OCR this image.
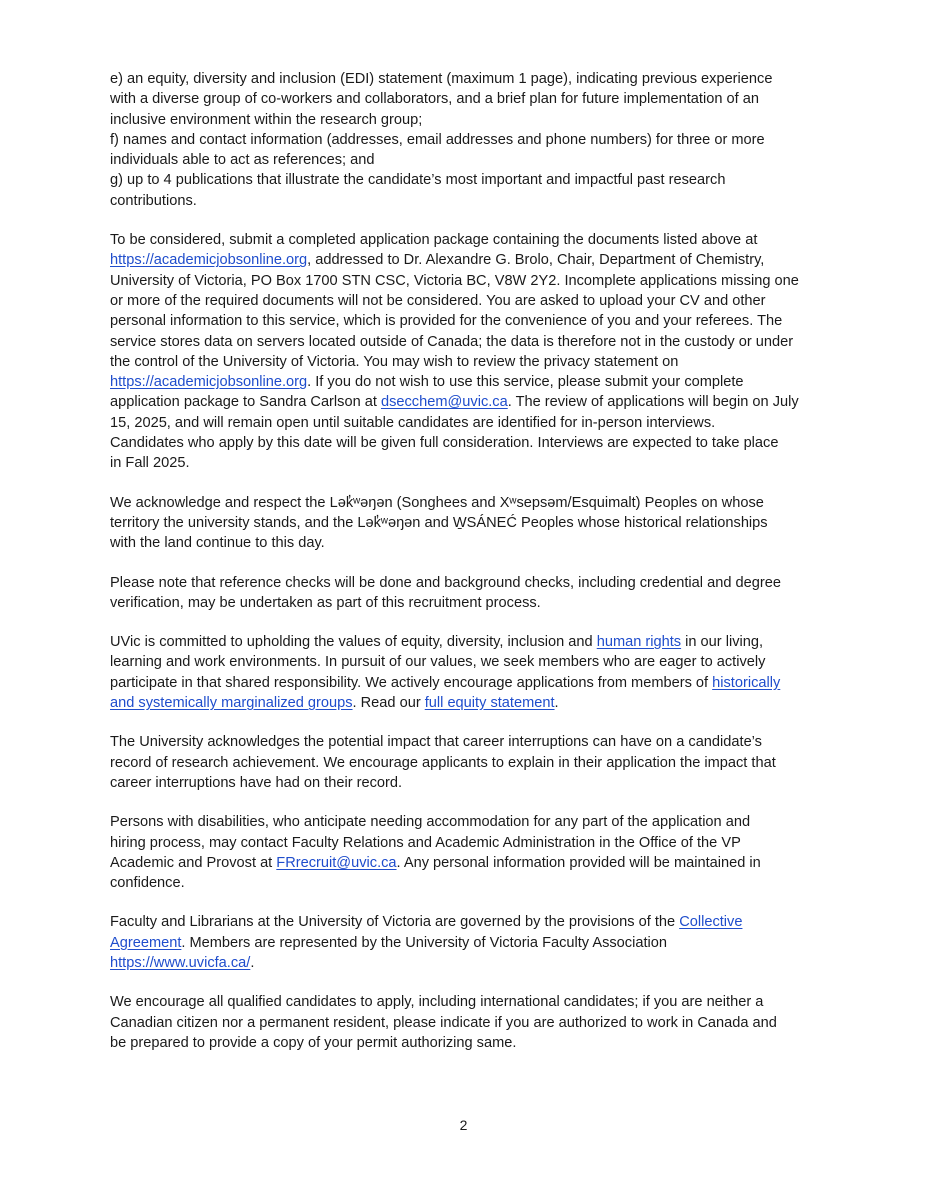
e) an equity, diversity and inclusion (EDI) statement (maximum 1 page), indicating previous experience
with a diverse group of co-workers and collaborators, and a brief plan for future implementation of an
inclusive environment within the research group;
f) names and contact information (addresses, email addresses and phone numbers) for three or more
individuals able to act as references; and
g) up to 4 publications that illustrate the candidate’s most important and impactful past research
contributions.

To be considered, submit a completed application package containing the documents listed above at
https://academicjobsonline.org, addressed to Dr. Alexandre G. Brolo, Chair, Department of Chemistry,
University of Victoria, PO Box 1700 STN CSC, Victoria BC, V8W 2Y2. Incomplete applications missing one
or more of the required documents will not be considered. You are asked to upload your CV and other
personal information to this service, which is provided for the convenience of you and your referees. The
service stores data on servers located outside of Canada; the data is therefore not in the custody or under
the control of the University of Victoria. You may wish to review the privacy statement on
https://academicjobsonline.org. If you do not wish to use this service, please submit your complete
application package to Sandra Carlson at dsecchem@uvic.ca. The review of applications will begin on July
15, 2025, and will remain open until suitable candidates are identified for in-person interviews.
Candidates who apply by this date will be given full consideration. Interviews are expected to take place
in Fall 2025.

We acknowledge and respect the Lək̓ʷəŋən (Songhees and Xʷsepsəm/Esquimalt) Peoples on whose
territory the university stands, and the Lək̓ʷəŋən and W̱SÁNEĆ Peoples whose historical relationships
with the land continue to this day.

Please note that reference checks will be done and background checks, including credential and degree
verification, may be undertaken as part of this recruitment process.

UVic is committed to upholding the values of equity, diversity, inclusion and human rights in our living,
learning and work environments. In pursuit of our values, we seek members who are eager to actively
participate in that shared responsibility. We actively encourage applications from members of historically
and systemically marginalized groups. Read our full equity statement.

The University acknowledges the potential impact that career interruptions can have on a candidate’s
record of research achievement. We encourage applicants to explain in their application the impact that
career interruptions have had on their record.

Persons with disabilities, who anticipate needing accommodation for any part of the application and
hiring process, may contact Faculty Relations and Academic Administration in the Office of the VP
Academic and Provost at FRrecruit@uvic.ca. Any personal information provided will be maintained in
confidence.

Faculty and Librarians at the University of Victoria are governed by the provisions of the Collective
Agreement. Members are represented by the University of Victoria Faculty Association
https://www.uvicfa.ca/.

We encourage all qualified candidates to apply, including international candidates; if you are neither a
Canadian citizen nor a permanent resident, please indicate if you are authorized to work in Canada and
be prepared to provide a copy of your permit authorizing same.

2
